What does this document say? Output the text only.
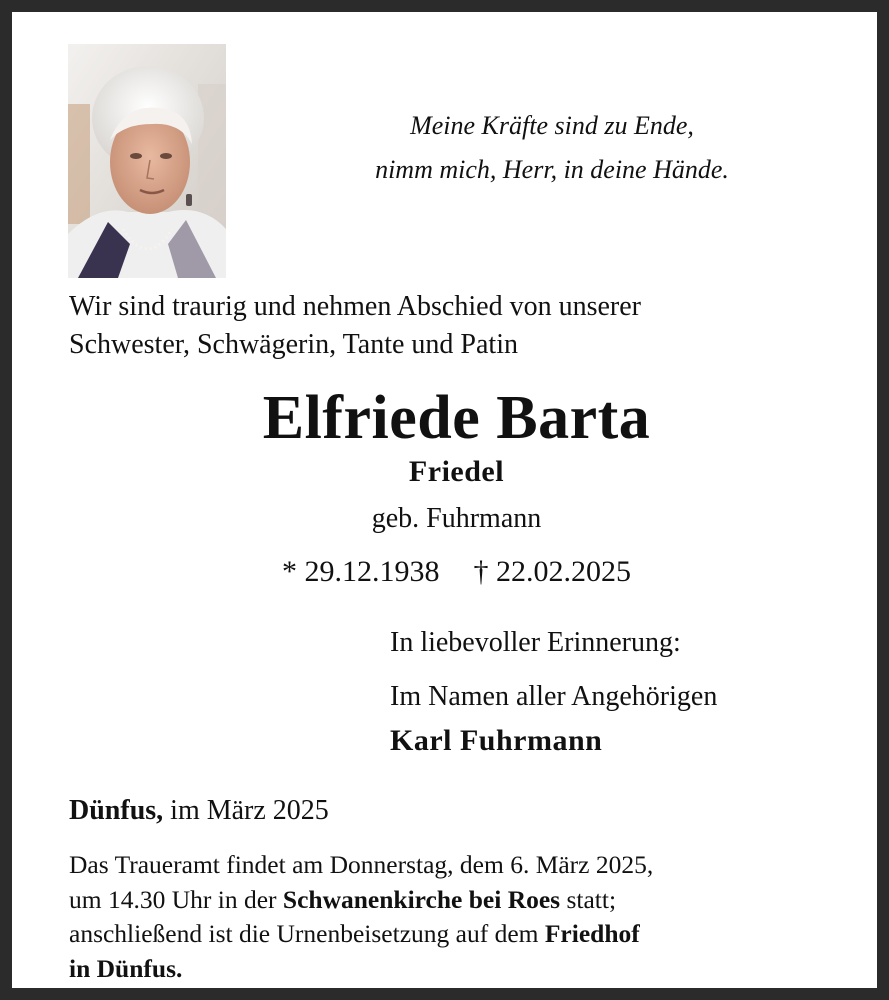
Meine Kräfte sind zu Ende,
nimm mich, Herr, in deine Hände.
Wir sind traurig und nehmen Abschied von unserer
Schwester, Schwägerin, Tante und Patin
Elfriede Barta
Friedel
geb. Fuhrmann
* 29.12.1938 † 22.02.2025
In liebevoller Erinnerung:
Im Namen aller Angehörigen
Karl Fuhrmann
Dünfus, im März 2025
Das Traueramt findet am Donnerstag, dem 6. März 2025,
um 14.30 Uhr in der Schwanenkirche bei Roes statt;
anschließend ist die Urnenbeisetzung auf dem Friedhof
in Dünfus.
